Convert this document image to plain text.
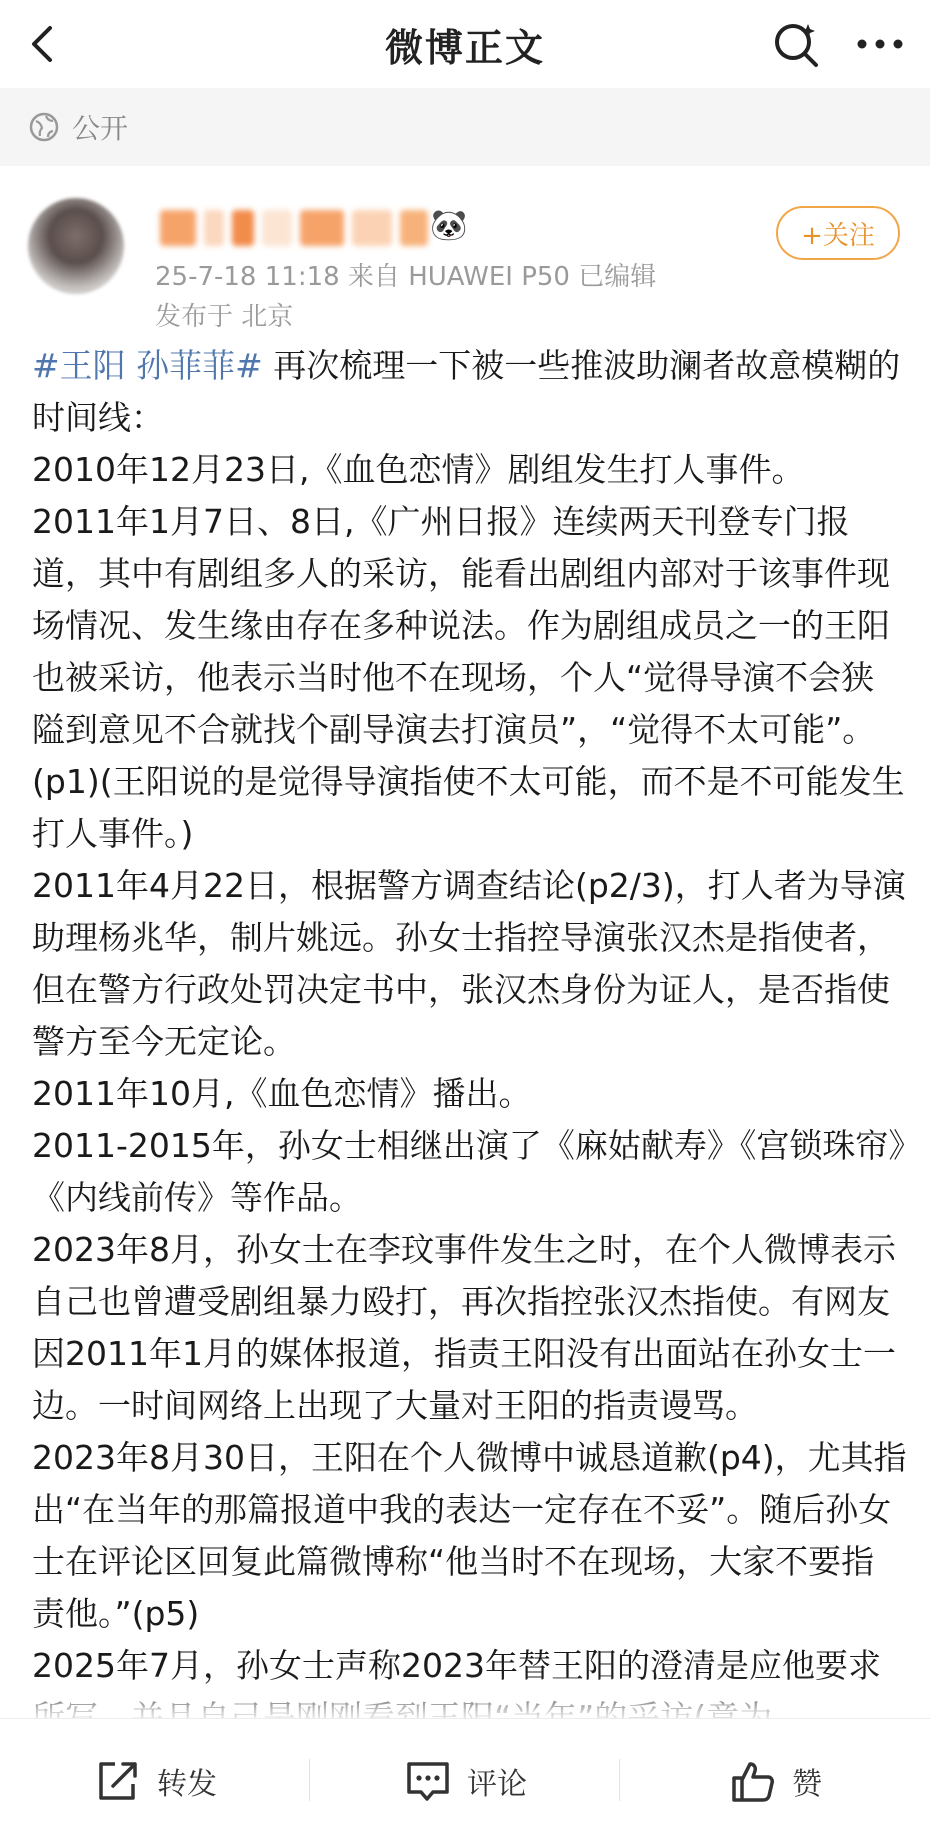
微博正文
公开
🐼
25-7-18 11:18 来自 HUAWEI P50 已编辑
发布于 北京
+关注

#王阳 孙菲菲# 再次梳理一下被一些推波助澜者故意模糊的时间线：

2010年12月23日,《血色恋情》剧组发生打人事件。

2011年1月7日、8日,《广州日报》连续两天刊登专门报道，其中有剧组多人的采访，能看出剧组内部对于该事件现场情况、发生缘由存在多种说法。作为剧组成员之一的王阳也被采访，他表示当时他不在现场，个人“觉得导演不会狭隘到意见不合就找个副导演去打演员”，“觉得不太可能”。(p1)(王阳说的是觉得导演指使不太可能，而不是不可能发生打人事件。)

2011年4月22日，根据警方调查结论(p2/3)，打人者为导演助理杨兆华，制片姚远。孙女士指控导演张汉杰是指使者，但在警方行政处罚决定书中，张汉杰身份为证人，是否指使警方至今无定论。

2011年10月,《血色恋情》播出。

2011-2015年，孙女士相继出演了《麻姑献寿》《宫锁珠帘》《内线前传》等作品。

2023年8月，孙女士在李玟事件发生之时，在个人微博表示自己也曾遭受剧组暴力殴打，再次指控张汉杰指使。有网友因2011年1月的媒体报道，指责王阳没有出面站在孙女士一边。一时间网络上出现了大量对王阳的指责谩骂。

2023年8月30日，王阳在个人微博中诚恳道歉(p4)，尤其指出“在当年的那篇报道中我的表达一定存在不妥”。随后孙女士在评论区回复此篇微博称“他当时不在现场，大家不要指责他。”(p5)

2025年7月，孙女士声称2023年替王阳的澄清是应他要求

转发	评论	赞
